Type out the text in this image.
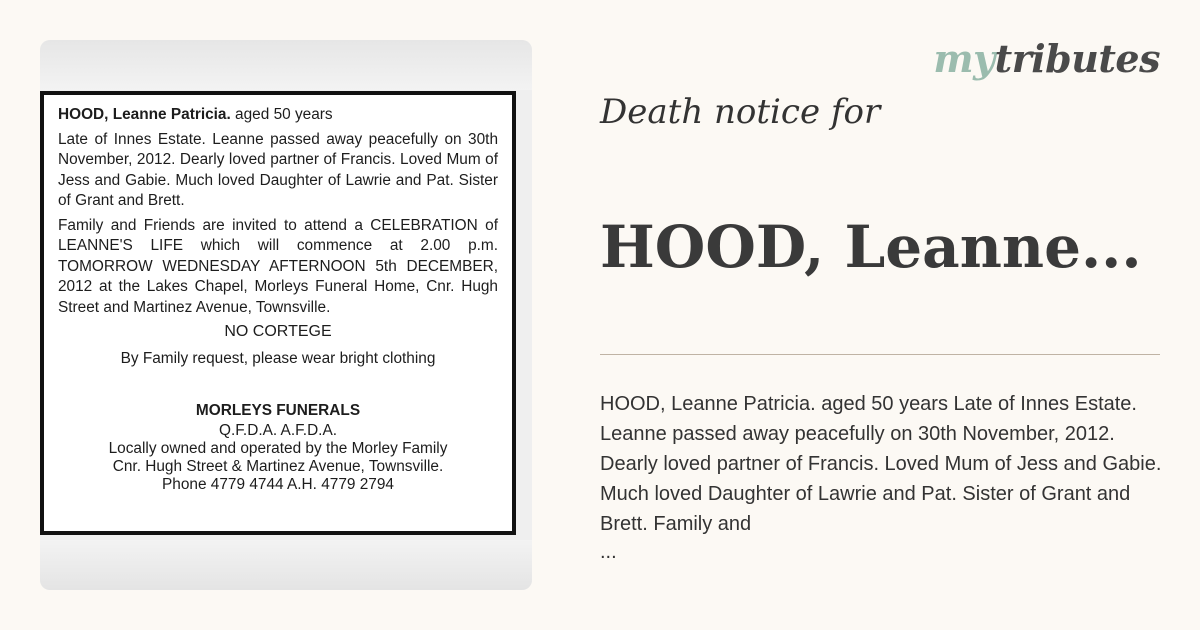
HOOD, Leanne Patricia. aged 50 years
Late of Innes Estate. Leanne passed away peacefully on 30th November, 2012. Dearly loved partner of Francis. Loved Mum of Jess and Gabie. Much loved Daughter of Lawrie and Pat. Sister of Grant and Brett.
Family and Friends are invited to attend a CELEBRATION of LEANNE'S LIFE which will commence at 2.00 p.m. TOMORROW WEDNESDAY AFTERNOON 5th DECEMBER, 2012 at the Lakes Chapel, Morleys Funeral Home, Cnr. Hugh Street and Martinez Avenue, Townsville.
NO CORTEGE
By Family request, please wear bright clothing
MORLEYS FUNERALS
Q.F.D.A. A.F.D.A.
Locally owned and operated by the Morley Family
Cnr. Hugh Street & Martinez Avenue, Townsville.
Phone 4779 4744 A.H. 4779 2794
mytributes
Death notice for
HOOD, Leanne...
HOOD, Leanne Patricia. aged 50 years Late of Innes Estate. Leanne passed away peacefully on 30th November, 2012. Dearly loved partner of Francis. Loved Mum of Jess and Gabie. Much loved Daughter of Lawrie and Pat. Sister of Grant and Brett. Family and
...
